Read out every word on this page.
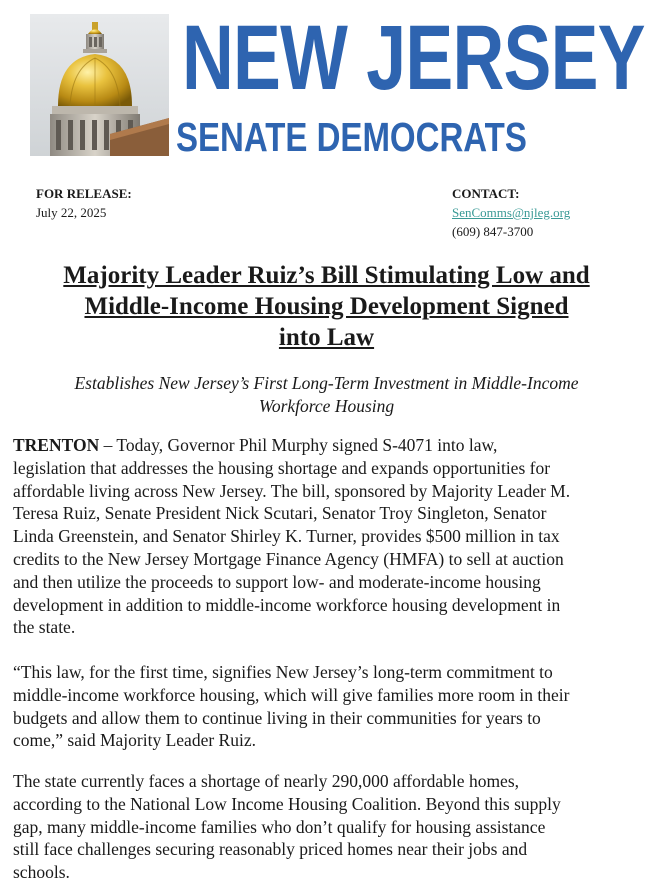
NEW JERSEY
SENATE DEMOCRATS
FOR RELEASE:
July 22, 2025
CONTACT:
SenComms@njleg.org
(609) 847-3700
Majority Leader Ruiz’s Bill Stimulating Low and
Middle-Income Housing Development Signed
into Law
Establishes New Jersey’s First Long-Term Investment in Middle-Income
Workforce Housing

TRENTON – Today, Governor Phil Murphy signed S-4071 into law,
legislation that addresses the housing shortage and expands opportunities for
affordable living across New Jersey. The bill, sponsored by Majority Leader M.
Teresa Ruiz, Senate President Nick Scutari, Senator Troy Singleton, Senator
Linda Greenstein, and Senator Shirley K. Turner, provides $500 million in tax
credits to the New Jersey Mortgage Finance Agency (HMFA) to sell at auction
and then utilize the proceeds to support low- and moderate-income housing
development in addition to middle-income workforce housing development in
the state.

“This law, for the first time, signifies New Jersey’s long-term commitment to
middle-income workforce housing, which will give families more room in their
budgets and allow them to continue living in their communities for years to
come,” said Majority Leader Ruiz.

The state currently faces a shortage of nearly 290,000 affordable homes,
according to the National Low Income Housing Coalition. Beyond this supply
gap, many middle-income families who don’t qualify for housing assistance
still face challenges securing reasonably priced homes near their jobs and
schools.
